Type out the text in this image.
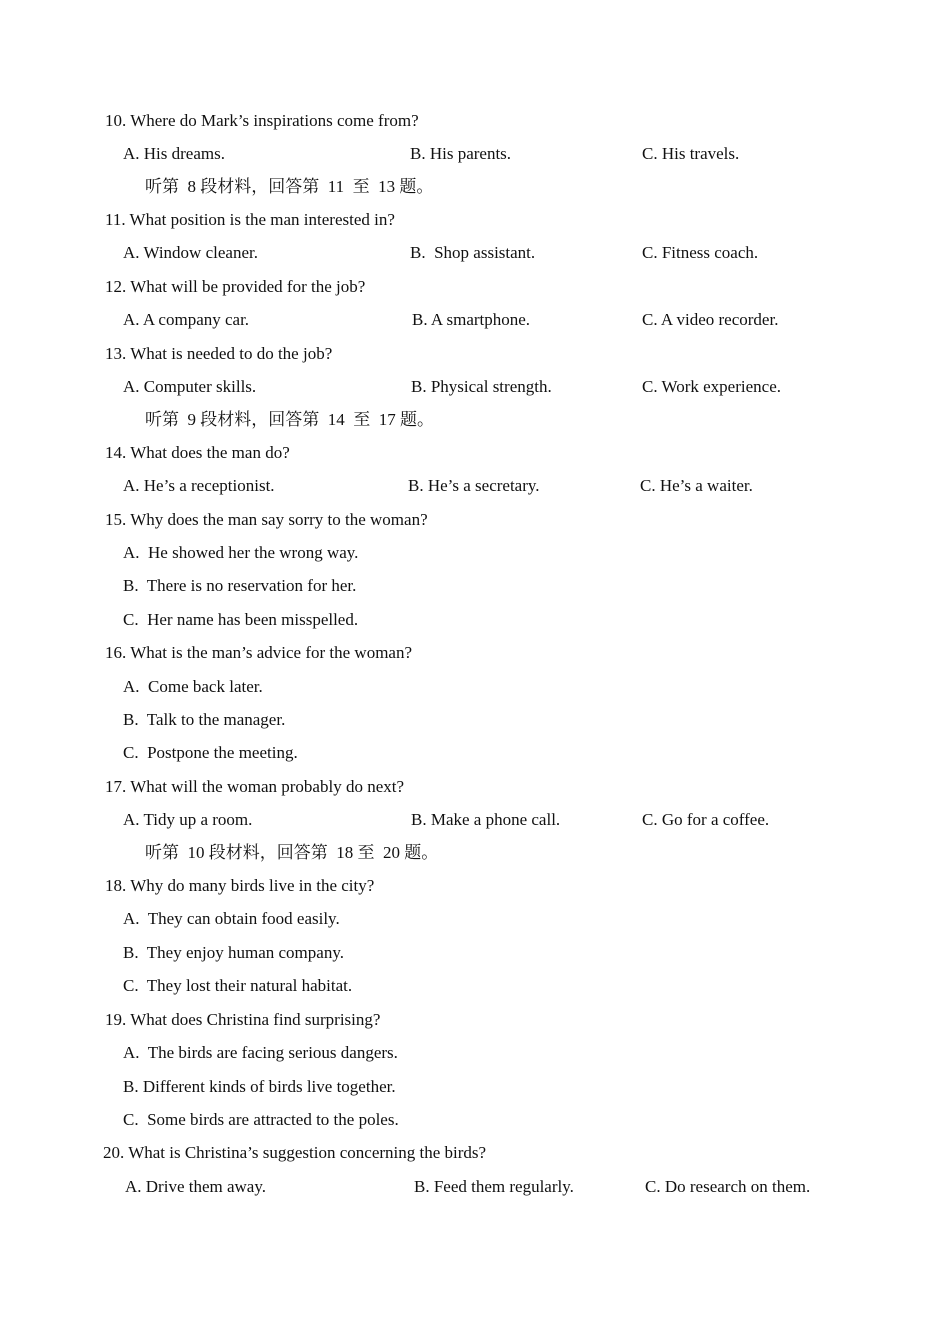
10. Where do Mark’s inspirations come from?
A. His dreams.	B. His parents.	C. His travels.
听第  8 段材料，回答第  11  至  13 题。
11. What position is the man interested in?
A. Window cleaner.	B.  Shop assistant.	C. Fitness coach.
12. What will be provided for the job?
A. A company car.	B. A smartphone.	C. A video recorder.
13. What is needed to do the job?
A. Computer skills.	B. Physical strength.	C. Work experience.
听第  9 段材料，回答第  14  至  17 题。
14. What does the man do?
A. He’s a receptionist.	B. He’s a secretary.	C. He’s a waiter.
15. Why does the man say sorry to the woman?
A.  He showed her the wrong way.
B.  There is no reservation for her.
C.  Her name has been misspelled.
16. What is the man’s advice for the woman?
A.  Come back later.
B.  Talk to the manager.
C.  Postpone the meeting.
17. What will the woman probably do next?
A. Tidy up a room.	B. Make a phone call.	C. Go for a coffee.
听第  10 段材料，回答第  18 至  20 题。
18. Why do many birds live in the city?
A.  They can obtain food easily.
B.  They enjoy human company.
C.  They lost their natural habitat.
19. What does Christina find surprising?
A.  The birds are facing serious dangers.
B. Different kinds of birds live together.
C.  Some birds are attracted to the poles.
20. What is Christina’s suggestion concerning the birds?
A. Drive them away.	B. Feed them regularly.	C. Do research on them.
